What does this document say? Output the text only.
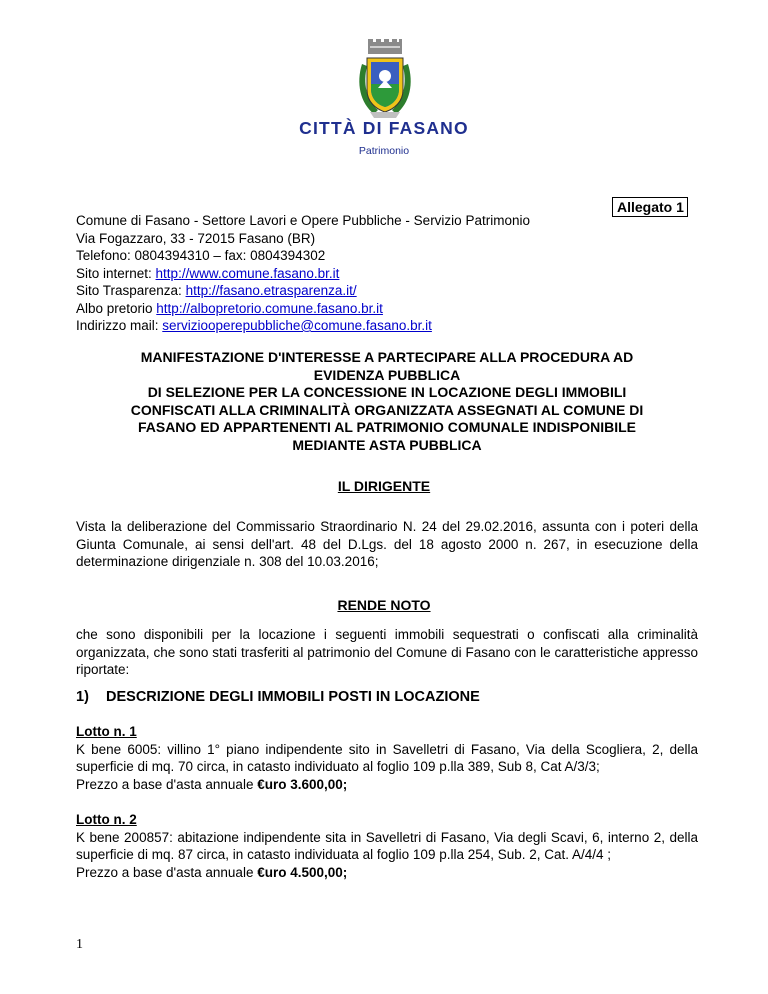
CITTÀ DI FASANO
Patrimonio
Allegato 1
Comune di Fasano - Settore Lavori e Opere Pubbliche - Servizio Patrimonio
Via Fogazzaro, 33 - 72015 Fasano (BR)
Telefono: 0804394310 – fax: 0804394302
Sito internet: http://www.comune.fasano.br.it
Sito Trasparenza: http://fasano.etrasparenza.it/
Albo pretorio http://albopretorio.comune.fasano.br.it
Indirizzo mail: serviziooperepubbliche@comune.fasano.br.it
MANIFESTAZIONE D'INTERESSE A PARTECIPARE ALLA PROCEDURA AD
EVIDENZA PUBBLICA
DI SELEZIONE PER LA CONCESSIONE IN LOCAZIONE DEGLI IMMOBILI
CONFISCATI ALLA CRIMINALITÀ ORGANIZZATA ASSEGNATI AL COMUNE DI
FASANO ED APPARTENENTI AL PATRIMONIO COMUNALE INDISPONIBILE
MEDIANTE ASTA PUBBLICA
IL DIRIGENTE
Vista la deliberazione del Commissario Straordinario N. 24 del 29.02.2016, assunta con i poteri della Giunta Comunale, ai sensi dell'art. 48 del D.Lgs. del 18 agosto 2000 n. 267, in esecuzione della determinazione dirigenziale n. 308 del 10.03.2016;
RENDE NOTO
che sono disponibili per la locazione i seguenti immobili sequestrati o confiscati alla criminalità organizzata, che sono stati trasferiti al patrimonio del Comune di Fasano con le caratteristiche appresso riportate:
1) DESCRIZIONE DEGLI IMMOBILI POSTI IN LOCAZIONE
Lotto n. 1
K bene 6005: villino 1° piano indipendente sito in Savelletri di Fasano, Via della Scogliera, 2, della superficie di mq. 70 circa, in catasto individuato al foglio 109 p.lla 389, Sub 8, Cat A/3/3;
Prezzo a base d'asta annuale €uro 3.600,00;
Lotto n. 2
K bene 200857: abitazione indipendente sita in Savelletri di Fasano, Via degli Scavi, 6, interno 2, della superficie di mq. 87 circa, in catasto individuata al foglio 109 p.lla 254, Sub. 2, Cat. A/4/4 ;
Prezzo a base d'asta annuale €uro 4.500,00;
1
